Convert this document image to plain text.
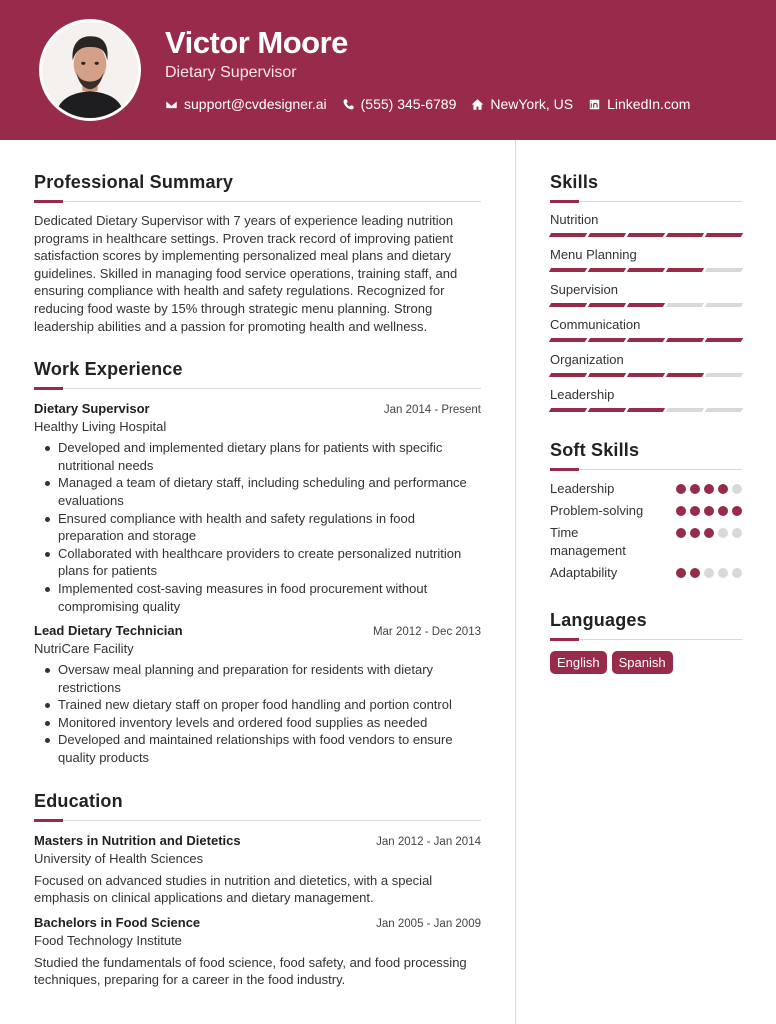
Victor Moore
Dietary Supervisor
support@cvdesigner.ai (555) 345-6789 NewYork, US LinkedIn.com
Professional Summary
Dedicated Dietary Supervisor with 7 years of experience leading nutrition programs in healthcare settings. Proven track record of improving patient satisfaction scores by implementing personalized meal plans and dietary guidelines. Skilled in managing food service operations, training staff, and ensuring compliance with health and safety regulations. Recognized for reducing food waste by 15% through strategic menu planning. Strong leadership abilities and a passion for promoting health and wellness.
Work Experience
Dietary Supervisor	Jan 2014 - Present
Healthy Living Hospital
Developed and implemented dietary plans for patients with specific nutritional needs
Managed a team of dietary staff, including scheduling and performance evaluations
Ensured compliance with health and safety regulations in food preparation and storage
Collaborated with healthcare providers to create personalized nutrition plans for patients
Implemented cost-saving measures in food procurement without compromising quality
Lead Dietary Technician	Mar 2012 - Dec 2013
NutriCare Facility
Oversaw meal planning and preparation for residents with dietary restrictions
Trained new dietary staff on proper food handling and portion control
Monitored inventory levels and ordered food supplies as needed
Developed and maintained relationships with food vendors to ensure quality products
Education
Masters in Nutrition and Dietetics	Jan 2012 - Jan 2014
University of Health Sciences
Focused on advanced studies in nutrition and dietetics, with a special emphasis on clinical applications and dietary management.
Bachelors in Food Science	Jan 2005 - Jan 2009
Food Technology Institute
Studied the fundamentals of food science, food safety, and food processing techniques, preparing for a career in the food industry.
Skills
Nutrition
Menu Planning
Supervision
Communication
Organization
Leadership
Soft Skills
Leadership
Problem-solving
Time management
Adaptability
Languages
English	Spanish
